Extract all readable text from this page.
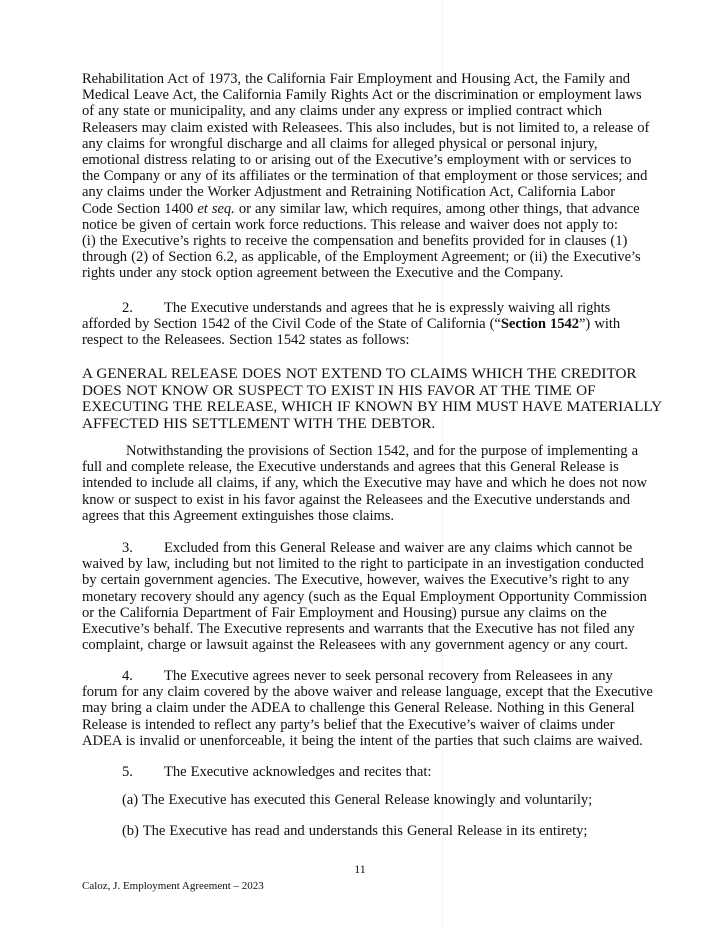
Rehabilitation Act of 1973, the California Fair Employment and Housing Act, the Family and
Medical Leave Act, the California Family Rights Act or the discrimination or employment laws
of any state or municipality, and any claims under any express or implied contract which
Releasers may claim existed with Releasees. This also includes, but is not limited to, a release of
any claims for wrongful discharge and all claims for alleged physical or personal injury,
emotional distress relating to or arising out of the Executive’s employment with or services to
the Company or any of its affiliates or the termination of that employment or those services; and
any claims under the Worker Adjustment and Retraining Notification Act, California Labor
Code Section 1400 et seq. or any similar law, which requires, among other things, that advance
notice be given of certain work force reductions. This release and waiver does not apply to:
(i) the Executive’s rights to receive the compensation and benefits provided for in clauses (1)
through (2) of Section 6.2, as applicable, of the Employment Agreement; or (ii) the Executive’s
rights under any stock option agreement between the Executive and the Company.
2. The Executive understands and agrees that he is expressly waiving all rights
afforded by Section 1542 of the Civil Code of the State of California (“Section 1542”) with
respect to the Releasees. Section 1542 states as follows:
A GENERAL RELEASE DOES NOT EXTEND TO CLAIMS WHICH THE CREDITOR
DOES NOT KNOW OR SUSPECT TO EXIST IN HIS FAVOR AT THE TIME OF
EXECUTING THE RELEASE, WHICH IF KNOWN BY HIM MUST HAVE MATERIALLY
AFFECTED HIS SETTLEMENT WITH THE DEBTOR.
Notwithstanding the provisions of Section 1542, and for the purpose of implementing a
full and complete release, the Executive understands and agrees that this General Release is
intended to include all claims, if any, which the Executive may have and which he does not now
know or suspect to exist in his favor against the Releasees and the Executive understands and
agrees that this Agreement extinguishes those claims.
3. Excluded from this General Release and waiver are any claims which cannot be
waived by law, including but not limited to the right to participate in an investigation conducted
by certain government agencies. The Executive, however, waives the Executive’s right to any
monetary recovery should any agency (such as the Equal Employment Opportunity Commission
or the California Department of Fair Employment and Housing) pursue any claims on the
Executive’s behalf. The Executive represents and warrants that the Executive has not filed any
complaint, charge or lawsuit against the Releasees with any government agency or any court.
4. The Executive agrees never to seek personal recovery from Releasees in any
forum for any claim covered by the above waiver and release language, except that the Executive
may bring a claim under the ADEA to challenge this General Release. Nothing in this General
Release is intended to reflect any party’s belief that the Executive’s waiver of claims under
ADEA is invalid or unenforceable, it being the intent of the parties that such claims are waived.
5. The Executive acknowledges and recites that:
(a) The Executive has executed this General Release knowingly and voluntarily;
(b) The Executive has read and understands this General Release in its entirety;
11
Caloz, J. Employment Agreement – 2023
